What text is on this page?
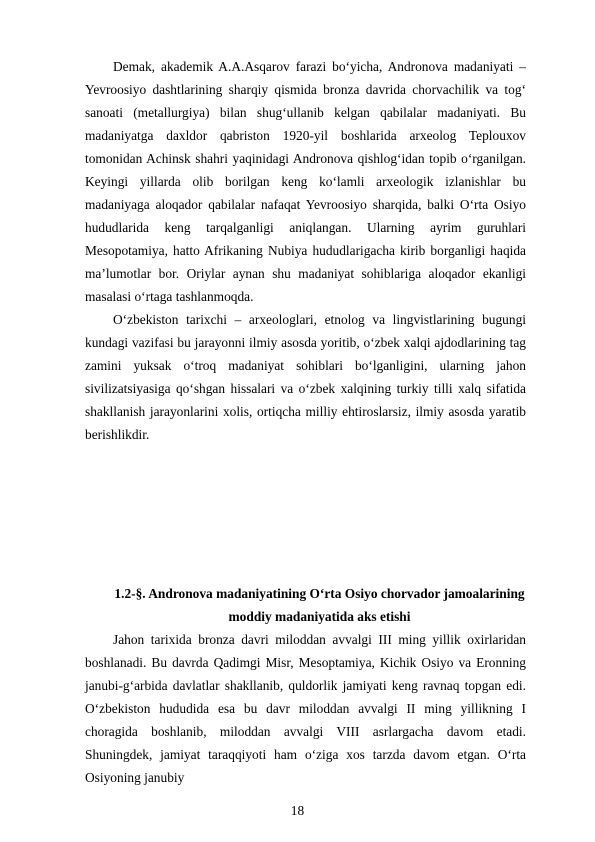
Demak, akademik A.A.Asqarov farazi bo‘yicha, Andronova madaniyati – Yevroosiyo dashtlarining sharqiy qismida bronza davrida chorvachilik va tog‘ sanoati (metallurgiya) bilan shug‘ullanib kelgan qabilalar madaniyati. Bu madaniyatga daxldor qabriston 1920-yil boshlarida arxeolog Teplouxov tomonidan Achinsk shahri yaqinidagi Andronova qishlog‘idan topib o‘rganilgan. Keyingi yillarda olib borilgan keng ko‘lamli arxeologik izlanishlar bu madaniyaga aloqador qabilalar nafaqat Yevroosiyo sharqida, balki O‘rta Osiyo hududlarida keng tarqalganligi aniqlangan. Ularning ayrim guruhlari Mesopotamiya, hatto Afrikaning Nubiya hududlarigacha kirib borganligi haqida ma’lumotlar bor. Oriylar aynan shu madaniyat sohiblariga aloqador ekanligi masalasi o‘rtaga tashlanmoqda.

O‘zbekiston tarixchi – arxeologlari, etnolog va lingvistlarining bugungi kundagi vazifasi bu jarayonni ilmiy asosda yoritib, o‘zbek xalqi ajdodlarining tag zamini yuksak o‘troq madaniyat sohiblari bo‘lganligini, ularning jahon sivilizatsiyasiga qo‘shgan hissalari va o‘zbek xalqining turkiy tilli xalq sifatida shakllanish jarayonlarini xolis, ortiqcha milliy ehtiroslarsiz, ilmiy asosda yaratib berishlikdir.

1.2-§. Andronova madaniyatining O‘rta Osiyo chorvador jamoalarining

moddiy madaniyatida aks etishi

Jahon tarixida bronza davri miloddan avvalgi III ming yillik oxirlaridan boshlanadi. Bu davrda Qadimgi Misr, Mesoptamiya, Kichik Osiyo va Eronning janubi-g‘arbida davlatlar shakllanib, quldorlik jamiyati keng ravnaq topgan edi. O‘zbekiston hududida esa bu davr miloddan avvalgi II ming yillikning I choragida boshlanib, miloddan avvalgi VIII asrlargacha davom etadi. Shuningdek, jamiyat taraqqiyoti ham o‘ziga xos tarzda davom etgan. O‘rta Osiyoning janubiy

18
